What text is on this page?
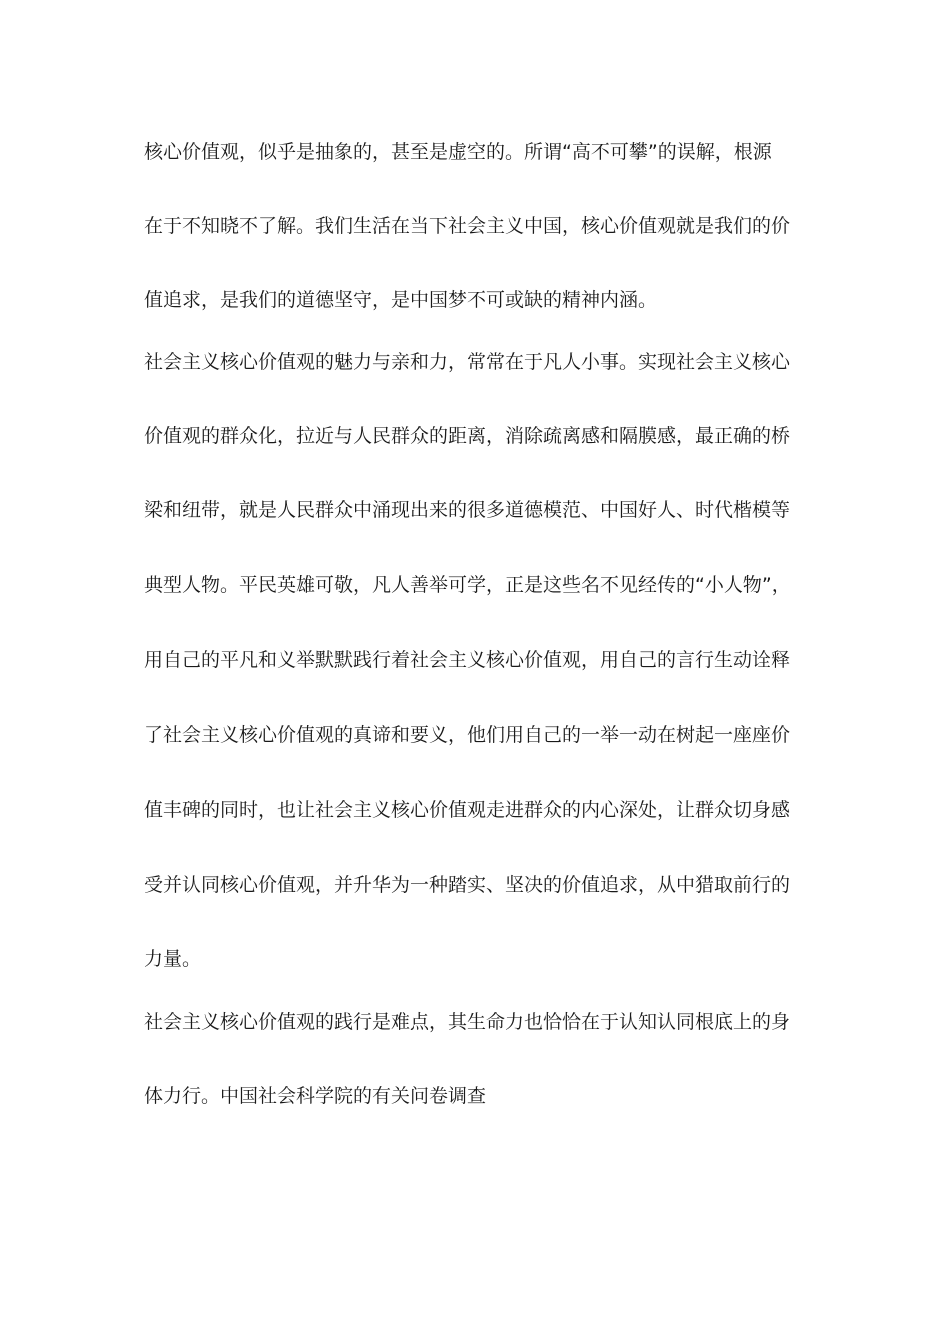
核心价值观，似乎是抽象的，甚至是虚空的。所谓“高不可攀”的误解，根源
在于不知晓不了解。我们生活在当下社会主义中国，核心价值观就是我们的价
值追求，是我们的道德坚守，是中国梦不可或缺的精神内涵。
社会主义核心价值观的魅力与亲和力，常常在于凡人小事。实现社会主义核心
价值观的群众化，拉近与人民群众的距离，消除疏离感和隔膜感，最正确的桥
梁和纽带，就是人民群众中涌现出来的很多道德模范、中国好人、时代楷模等
典型人物。平民英雄可敬，凡人善举可学，正是这些名不见经传的“小人物”，
用自己的平凡和义举默默践行着社会主义核心价值观，用自己的言行生动诠释
了社会主义核心价值观的真谛和要义，他们用自己的一举一动在树起一座座价
值丰碑的同时，也让社会主义核心价值观走进群众的内心深处，让群众切身感
受并认同核心价值观，并升华为一种踏实、坚决的价值追求，从中猎取前行的
力量。
社会主义核心价值观的践行是难点，其生命力也恰恰在于认知认同根底上的身
体力行。中国社会科学院的有关问卷调查
